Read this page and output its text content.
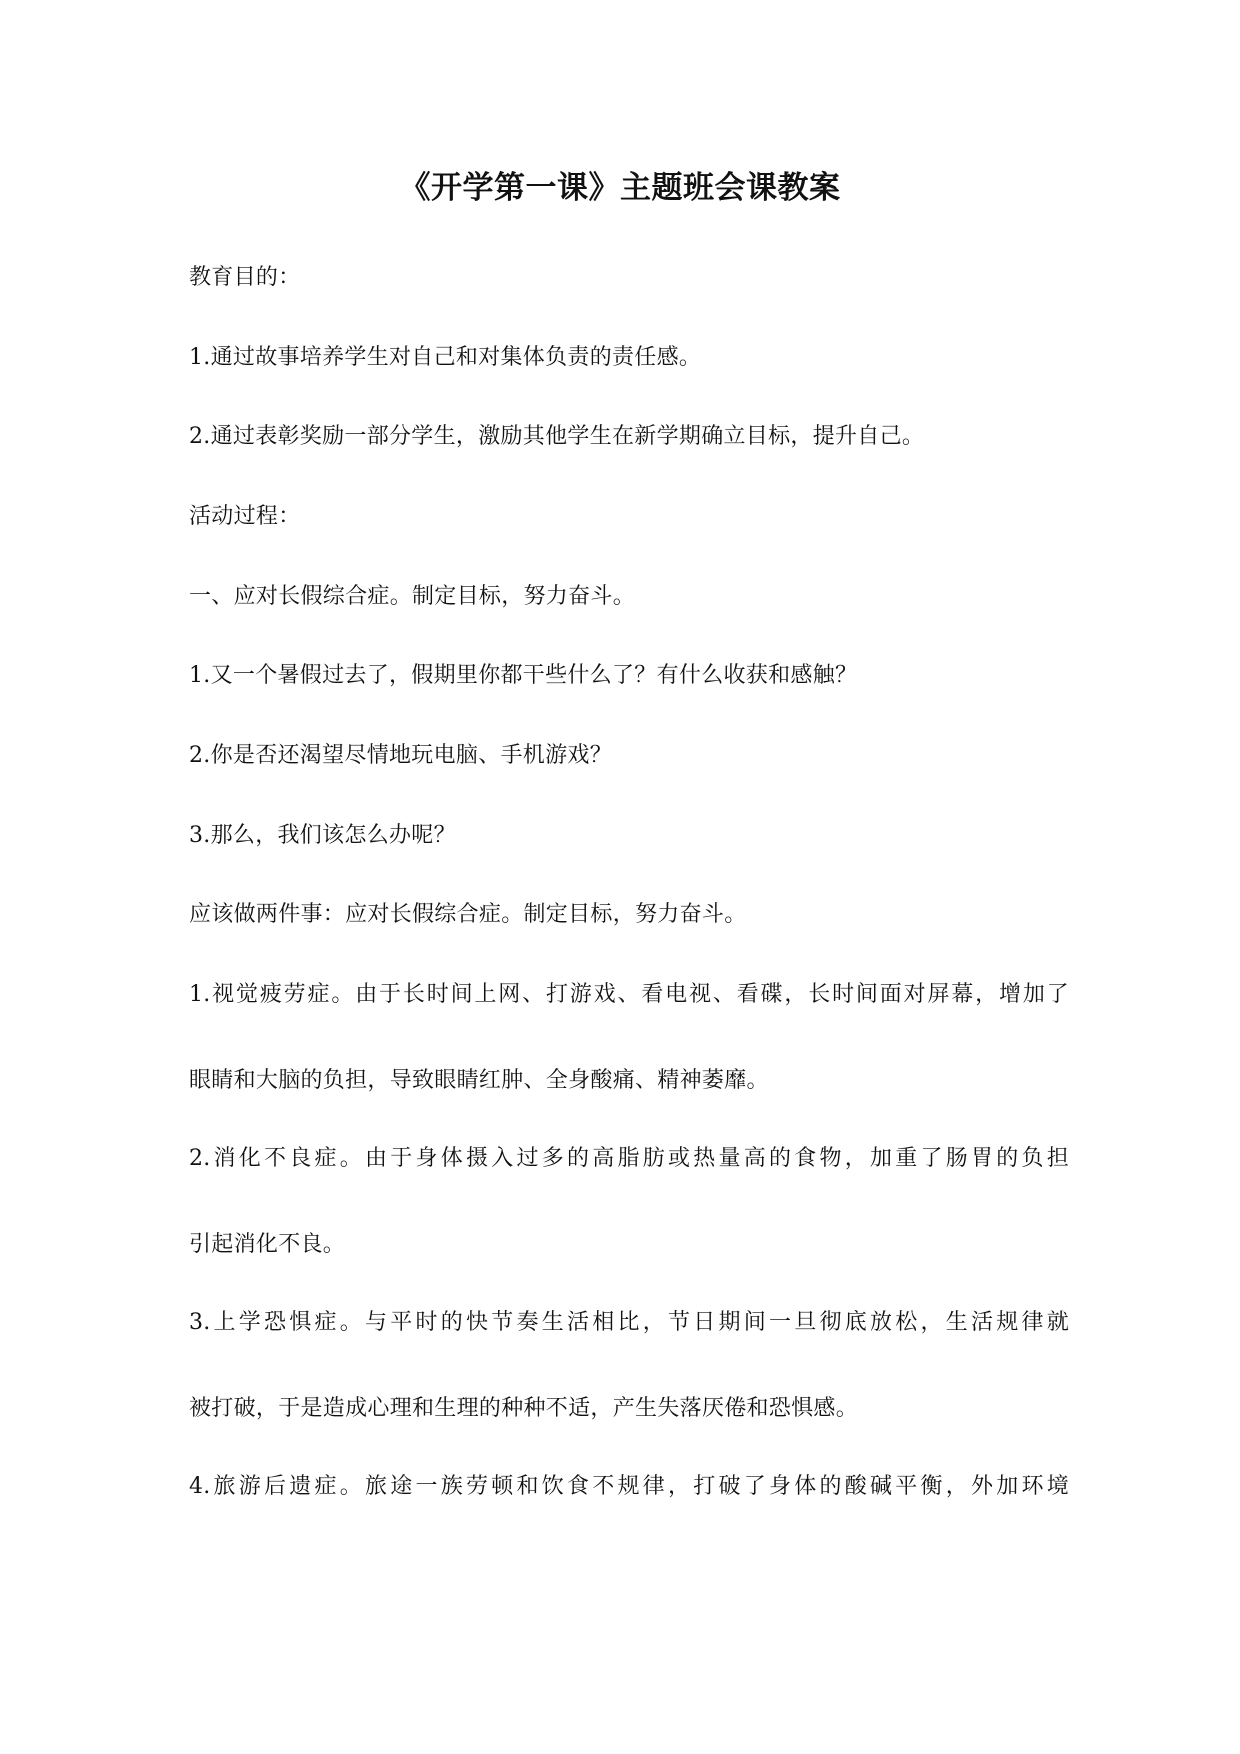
《开学第一课》主题班会课教案
教育目的：
1.通过故事培养学生对自己和对集体负责的责任感。
2.通过表彰奖励一部分学生，激励其他学生在新学期确立目标，提升自己。
活动过程：
一、应对长假综合症。制定目标，努力奋斗。
1.又一个暑假过去了，假期里你都干些什么了？有什么收获和感触？
2.你是否还渴望尽情地玩电脑、手机游戏？
3.那么，我们该怎么办呢？
应该做两件事：应对长假综合症。制定目标，努力奋斗。
1.视觉疲劳症。由于长时间上网、打游戏、看电视、看碟，长时间面对屏幕，增加了
眼睛和大脑的负担，导致眼睛红肿、全身酸痛、精神萎靡。
2.消化不良症。由于身体摄入过多的高脂肪或热量高的食物，加重了肠胃的负担
引起消化不良。
3.上学恐惧症。与平时的快节奏生活相比，节日期间一旦彻底放松，生活规律就
被打破，于是造成心理和生理的种种不适，产生失落厌倦和恐惧感。
4.旅游后遗症。旅途一族劳顿和饮食不规律，打破了身体的酸碱平衡，外加环境
